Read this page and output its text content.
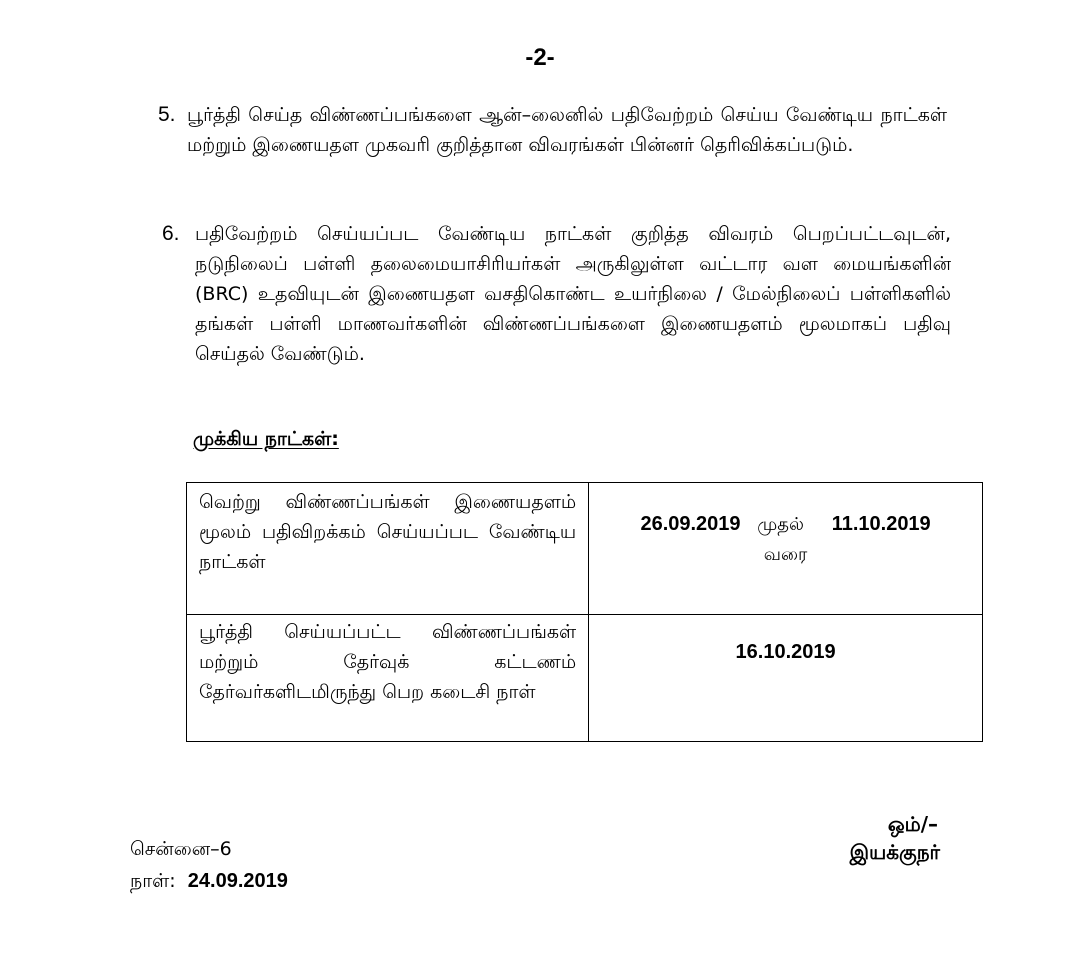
-2-
5. பூர்த்தி செய்த விண்ணப்பங்களை ஆன்–லைனில் பதிவேற்றம் செய்ய வேண்டிய நாட்கள் மற்றும் இணையதள முகவரி குறித்தான விவரங்கள் பின்னர் தெரிவிக்கப்படும்.
6. பதிவேற்றம் செய்யப்பட வேண்டிய நாட்கள் குறித்த விவரம் பெறப்பட்டவுடன், நடுநிலைப் பள்ளி தலைமையாசிரியர்கள் அருகிலுள்ள வட்டார வள மையங்களின் (BRC) உதவியுடன் இணையதள வசதிகொண்ட உயர்நிலை / மேல்நிலைப் பள்ளிகளில் தங்கள் பள்ளி மாணவர்களின் விண்ணப்பங்களை இணையதளம் மூலமாகப் பதிவு செய்தல் வேண்டும்.
முக்கிய நாட்கள்:
வெற்று விண்ணப்பங்கள் இணையதளம் மூலம் பதிவிறக்கம் செய்யப்பட வேண்டிய நாட்கள்	26.09.2019 முதல் 11.10.2019
வரை

பூர்த்தி செய்யப்பட்ட விண்ணப்பங்கள் மற்றும் தேர்வுக் கட்டணம் தேர்வர்களிடமிருந்து பெற கடைசி நாள்	16.10.2019
ஒம்/–
இயக்குநர்
சென்னை–6
நாள்: 24.09.2019
